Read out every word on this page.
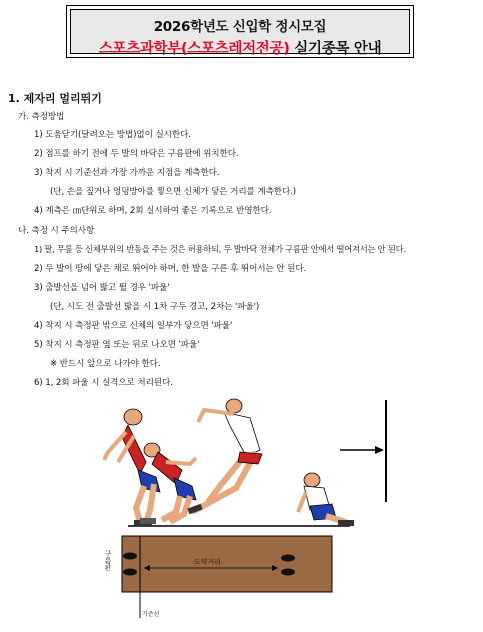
2026학년도 신입학 정시모집
스포츠과학부(스포츠레저전공) 실기종목 안내
1. 제자리 멀리뛰기
가. 측정방법
1) 도움닫기(달려오는 방법)없이 실시한다.
2) 점프를 하기 전에 두 발의 바닥은 구름판에 위치한다.
3) 착지 시 기준선과 가장 가까운 지점을 계측한다.
(단, 손을 짚거나 엉덩방아를 찧으면 신체가 닿은 거리를 계측한다.)
4) 계측은 ㎝단위로 하며, 2회 실시하여 좋은 기록으로 반영한다.
나. 측정 시 주의사항
1) 팔, 무릎 등 신체부위의 반동을 주는 것은 허용하되, 두 발바닥 전체가 구름판 안에서 떨어져서는 안 된다.
2) 두 발이 땅에 닿은 채로 뛰어야 하며, 한 발을 구른 후 뛰어서는 안 된다.
3) 출발선을 넘어 밟고 뛸 경우 '파울'
(단, 시도 전 출발선 밟을 시 1차 구두 경고, 2차는 '파울')
4) 착지 시 측정판 밖으로 신체의 일부가 닿으면 '파울'
5) 착지 시 측정판 옆 또는 뒤로 나오면 '파울'
※ 반드시 앞으로 나가야 한다.
6) 1, 2회 파울 시 실격으로 처리된다.
도약거리
구름판
기준선
